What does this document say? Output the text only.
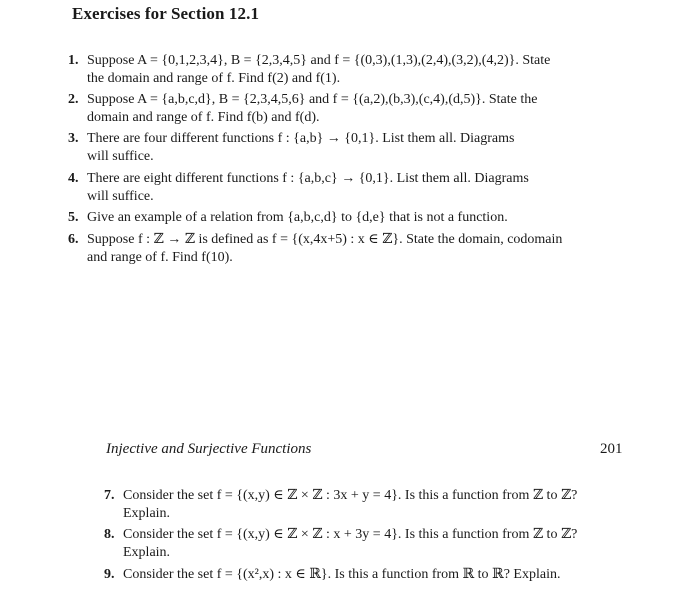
Exercises for Section 12.1
1. Suppose A = {0,1,2,3,4}, B = {2,3,4,5} and f = {(0,3),(1,3),(2,4),(3,2),(4,2)}. State
the domain and range of f. Find f(2) and f(1).
2. Suppose A = {a,b,c,d}, B = {2,3,4,5,6} and f = {(a,2),(b,3),(c,4),(d,5)}. State the
domain and range of f. Find f(b) and f(d).
3. There are four different functions f : {a,b} → {0,1}. List them all. Diagrams
will suffice.
4. There are eight different functions f : {a,b,c} → {0,1}. List them all. Diagrams
will suffice.
5. Give an example of a relation from {a,b,c,d} to {d,e} that is not a function.
6. Suppose f : ℤ → ℤ is defined as f = {(x,4x+5) : x ∈ ℤ}. State the domain, codomain
and range of f. Find f(10).
Injective and Surjective Functions	201
7. Consider the set f = {(x,y) ∈ ℤ × ℤ : 3x + y = 4}. Is this a function from ℤ to ℤ?
Explain.
8. Consider the set f = {(x,y) ∈ ℤ × ℤ : x + 3y = 4}. Is this a function from ℤ to ℤ?
Explain.
9. Consider the set f = {(x²,x) : x ∈ ℝ}. Is this a function from ℝ to ℝ? Explain.
